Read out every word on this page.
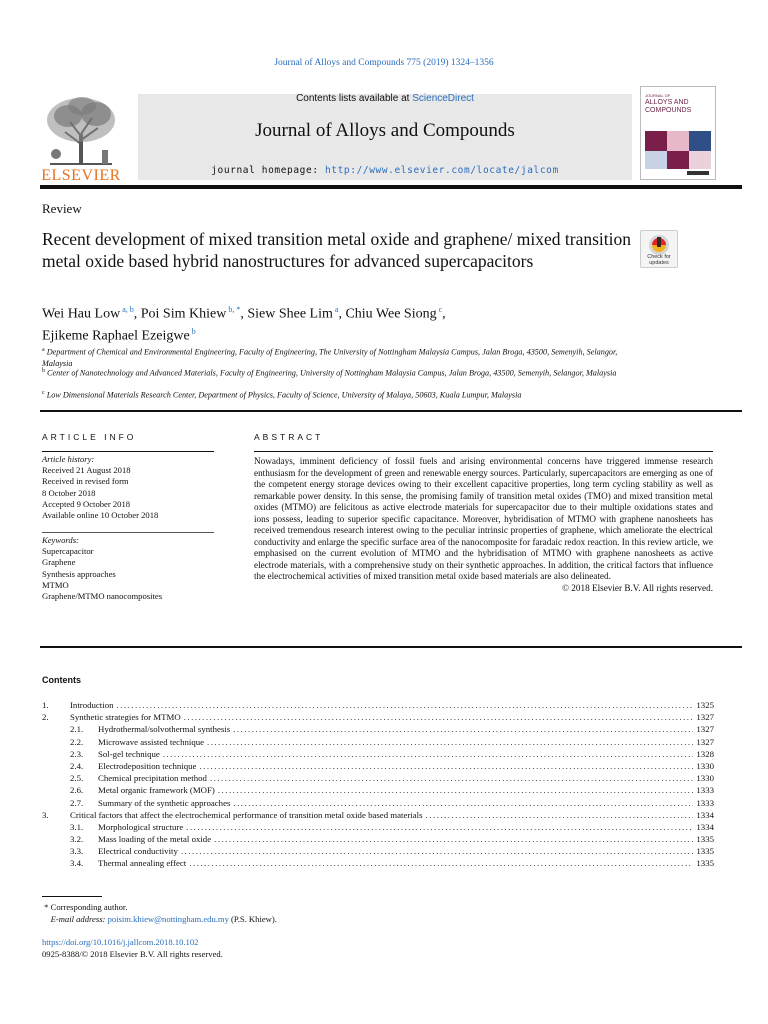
Journal of Alloys and Compounds 775 (2019) 1324–1356
ELSEVIER
Contents lists available at ScienceDirect
Journal of Alloys and Compounds
journal homepage: http://www.elsevier.com/locate/jalcom
JOURNAL OF
ALLOYS AND
COMPOUNDS
Review
Recent development of mixed transition metal oxide and graphene/ mixed transition metal oxide based hybrid nanostructures for advanced supercapacitors	Check for updates
Wei Hau Low $^{a, b}$, Poi Sim Khiew $^{b, *}$, Siew Shee Lim $^a$, Chiu Wee Siong $^c$,
Ejikeme Raphael Ezeigwe $^b$
$^a$ Department of Chemical and Environmental Engineering, Faculty of Engineering, The University of Nottingham Malaysia Campus, Jalan Broga, 43500, Semenyih, Selangor, Malaysia
$^b$ Center of Nanotechnology and Advanced Materials, Faculty of Engineering, University of Nottingham Malaysia Campus, Jalan Broga, 43500, Semenyih, Selangor, Malaysia
$^c$ Low Dimensional Materials Research Center, Department of Physics, Faculty of Science, University of Malaya, 50603, Kuala Lumpur, Malaysia
ARTICLE INFO
Article history:
Received 21 August 2018
Received in revised form
8 October 2018
Accepted 9 October 2018
Available online 10 October 2018
Keywords:
Supercapacitor
Graphene
Synthesis approaches
MTMO
Graphene/MTMO nanocomposites
ABSTRACT
Nowadays, imminent deficiency of fossil fuels and arising environmental concerns have triggered immense research enthusiasm for the development of green and renewable energy sources. Particularly, supercapacitors are emerging as one of the competent energy storage devices owing to their excellent capacitive properties, long term cycling stability as well as remarkable power density. In this sense, the promising family of transition metal oxides (TMO) and mixed transition metal oxides (MTMO) are felicitous as active electrode materials for supercapacitor due to their multiple oxidations states and ions possess, leading to superior specific capacitance. Moreover, hybridisation of MTMO with graphene nanosheets has received tremendous research interest owing to the peculiar intrinsic properties of graphene, which ameliorate the electrical conductivity and enlarge the specific surface area of the nanocomposite for faradaic redox reaction. In this review article, we emphasised on the current evolution of MTMO and the hybridisation of MTMO with graphene nanosheets as active electrode materials, with a comprehensive study on their synthetic approaches. In addition, the critical factors that influence the electrochemical activities of mixed transition metal oxide based materials are also delineated.
© 2018 Elsevier B.V. All rights reserved.
Contents
1.	Introduction .....	1325
2.	Synthetic strategies for MTMO .....	1327
2.1.	Hydrothermal/solvothermal synthesis .....	1327
2.2.	Microwave assisted technique .....	1327
2.3.	Sol-gel technique .....	1328
2.4.	Electrodeposition technique .....	1330
2.5.	Chemical precipitation method .....	1330
2.6.	Metal organic framework (MOF) .....	1333
2.7.	Summary of the synthetic approaches .....	1333
3.	Critical factors that affect the electrochemical performance of transition metal oxide based materials .....	1334
3.1.	Morphological structure .....	1334
3.2.	Mass loading of the metal oxide .....	1335
3.3.	Electrical conductivity .....	1335
3.4.	Thermal annealing effect .....	1335
* Corresponding author.
E-mail address: poisim.khiew@nottingham.edu.my (P.S. Khiew).
https://doi.org/10.1016/j.jallcom.2018.10.102
0925-8388/© 2018 Elsevier B.V. All rights reserved.
